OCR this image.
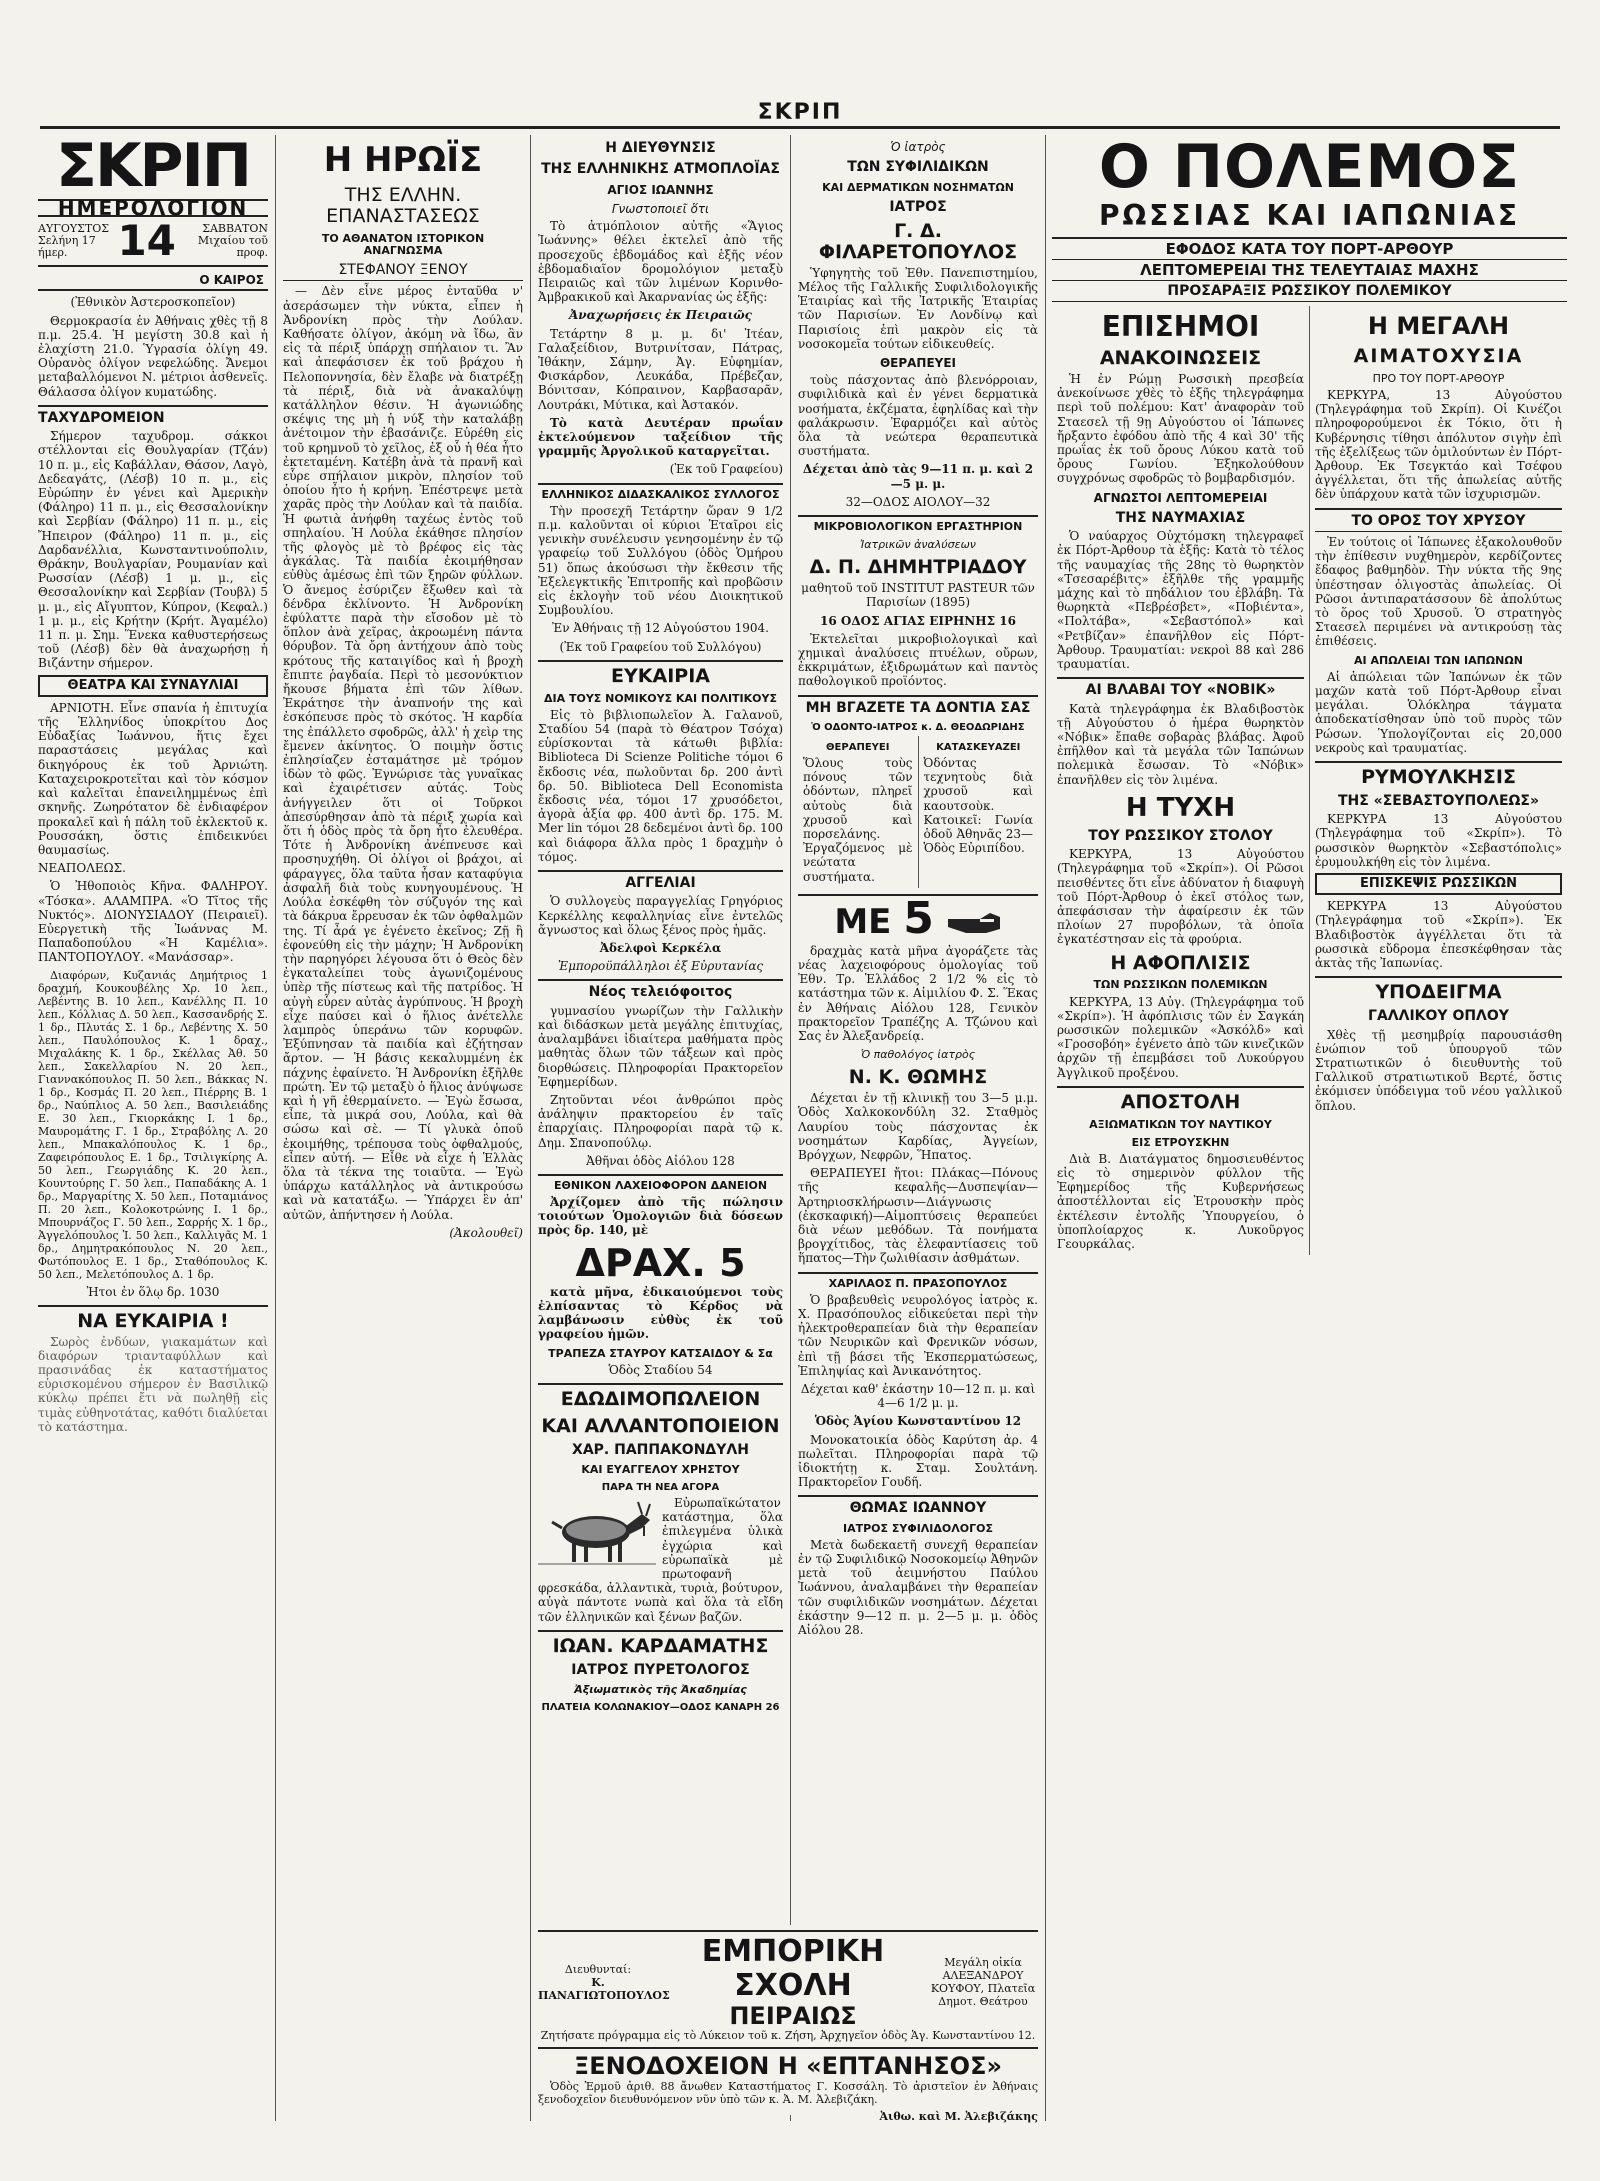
ΣΚΡΙΠ
ΣΚΡΙΠ
ΗΜΕΡΟΛΟΓΙΟΝ
ΑΥΓΟΥΣΤΟΣ
Σελήνη 17 ήμερ.	14	ΣΑΒΒΑΤΟΝ
Μιχαίου τοῦ προφ.
Ο ΚΑΙΡΟΣ

(Ἐθνικὸν Ἀστεροσκοπεῖον)

Θερμοκρασία ἐν Ἀθήναις χθὲς τῇ 8 π.μ. 25.4. Ἡ μεγίστη 30.8 καὶ ἡ ἐλαχίστη 21.0. Ὑγρασία ὀλίγη 49. Οὐρανὸς ὀλίγον νεφελώδης. Ἄνεμοι μεταβαλλόμενοι Ν. μέτριοι ἀσθενεῖς. Θάλασσα ὀλίγον κυματώδης.

ΤΑΧΥΔΡΟΜΕΙΟΝ

Σήμερον ταχυδρομ. σάκκοι στέλλονται εἰς Θουλγαρίαν (Τζάν) 10 π. μ., εἰς Καβάλλαν, Θάσον, Λαγὸ, Δεδεαγάτς, (Λέσβ) 10 π. μ., εἰς Εὐρώπην ἐν γένει καὶ Ἀμερικὴν (Φάληρο) 11 π. μ., εἰς Θεσσαλονίκην καὶ Σερβίαν (Φάληρο) 11 π. μ., εἰς Ἤπειρον (Φάληρο) 11 π. μ., εἰς Δαρδανέλλια, Κωνσταντινούπολιν, Θράκην, Βουλγαρίαν, Ρουμανίαν καὶ Ρωσσίαν (Λέσβ) 1 μ. μ., εἰς Θεσσαλονίκην καὶ Σερβίαν (Τουβλ) 5 μ. μ., εἰς Αἴγυπτον, Κύπρον, (Κεφαλ.) 1 μ. μ., εἰς Κρήτην (Κρήτ. Ἀγαμέλο) 11 π. μ. Σημ. Ἕνεκα καθυστερήσεως τοῦ (Λέσβ) δὲν θὰ ἀναχωρήσῃ ἡ Βιζάντην σήμερον.

ΘΕΑΤΡΑ ΚΑΙ ΣΥΝΑΥΛΙΑΙ

ΑΡΝΙΟΤΗ. Εἶνε σπανία ἡ ἐπιτυχία τῆς Ἑλληνίδος ὑποκρίτου Δος Εὐδαξίας Ἰωάννου, ἥτις ἔχει παραστάσεις μεγάλας καὶ δικηγόρους ἐκ τοῦ Ἀρνιώτη. Καταχειροκροτεῖται καὶ τὸν κόσμον καὶ καλεῖται ἐπανειλημμένως ἐπὶ σκηνῆς. Ζωηρότατον δὲ ἐνδιαφέρον προκαλεῖ καὶ ἡ πάλη τοῦ ἐκλεκτοῦ κ. Ρουσσάκη, ὅστις ἐπιδεικνύει θαυμασίως.

ΝΕΑΠΟΛΕΩΣ.

Ὁ Ἠθοποιὸς Κῆνα. ΦΑΛΗΡΟΥ. «Τόσκα». ΑΛΑΜΠΡΑ. «Ὁ Τῖτος τῆς Νυκτός». ΔΙΟΝΥΣΙΑΔΟΥ (Πειραιεῖ). Εὐεργετικὴ τῆς Ἰωάννας Μ. Παπαδοπούλου «Ἡ Καμέλια». ΠΑΝΤΟΠΟΥΛΟΥ. «Μανάσσαρ».

Διαφόρων, Κυζανιάς Δημήτριος 1 δραχμή, Κουκουβέλης Χρ. 10 λεπ., Λεβέντης Β. 10 λεπ., Κανέλλης Π. 10 λεπ., Κόλλιας Δ. 50 λεπ., Κασσανδρής Σ. 1 δρ., Πλυτάς Σ. 1 δρ., Λεβέντης Χ. 50 λεπ., Παυλόπουλος Κ. 1 δραχ., Μιχαλάκης Κ. 1 δρ., Σκέλλας Ἀθ. 50 λεπ., Σακελλαρίου Ν. 20 λεπ., Γιαννακόπουλος Π. 50 λεπ., Βάκκας Ν. 1 δρ., Κοσμάς Π. 20 λεπ., Πιέρρης Β. 1 δρ., Ναύπλιος Α. 50 λεπ., Βασιλειάδης Ε. 30 λεπ., Γκιορκάκης Ι. 1 δρ., Μαυρομάτης Γ. 1 δρ., Στραβόλης Λ. 20 λεπ., Μπακαλόπουλος Κ. 1 δρ., Ζαφειρόπουλος Ε. 1 δρ., Τσιλιγκίρης Α. 50 λεπ., Γεωργιάδης Κ. 20 λεπ., Κουντούρης Γ. 50 λεπ., Παπαδάκης Α. 1 δρ., Μαργαρίτης Χ. 50 λεπ., Ποταμιάνος Π. 20 λεπ., Κολοκοτρώνης Ι. 1 δρ., Μπουρνάζος Γ. 50 λεπ., Σαρρής Χ. 1 δρ., Ἀγγελόπουλος Ἰ. 50 λεπ., Καλλιγᾶς Μ. 1 δρ., Δημητρακόπουλος Ν. 20 λεπ., Φωτόπουλος Ε. 1 δρ., Σταθόπουλος Κ. 50 λεπ., Μελετόπουλος Δ. 1 δρ.

Ἠτοι ἐν ὅλῳ δρ. 1030

ΝΑ ΕΥΚΑΙΡΙΑ !

Σωρὸς ἐνδύων, γιακαμάτων καὶ διαφόρων τριανταφύλλων καὶ πρασινάδας ἐκ καταστήματος εὑρισκομένου σήμερον ἐν Βασιλικῷ κύκλῳ πρέπει ἔτι νὰ πωληθῇ εἰς τιμὰς εὐθηνοτάτας, καθότι διαλύεται τὸ κατάστημα.

Η ΗΡΩΪΣ
ΤΗΣ ΕΛΛΗΝ. ΕΠΑΝΑΣΤΑΣΕΩΣ
ΤΟ ΑΘΑΝΑΤΟΝ ΙΣΤΟΡΙΚΟΝ ΑΝΑΓΝΩΣΜΑ
ΣΤΕΦΑΝΟΥ ΞΕΝΟΥ

— Δὲν εἶνε μέρος ἐνταῦθα ν' ἀσεράσωμεν τὴν νύκτα, εἶπεν ἡ Ἀνδρονίκη πρὸς τὴν Λούλαν. Καθήσατε ὀλίγον, ἀκόμη νὰ ἴδω, ἂν εἰς τὰ πέριξ ὑπάρχῃ σπήλαιον τι. Ἂν καὶ ἀπεφάσισεν ἐκ τοῦ βράχου ἡ Πελοποννησία, δὲν ἔλαβε νὰ διατρέξῃ τὰ πέριξ, διὰ νὰ ἀνακαλύψῃ κατάλληλον θέσιν. Ἡ ἀγωνιώδης σκέψις της μὴ ἡ νύξ τὴν καταλάβῃ ἀνέτοιμον τὴν ἐβασάνιζε. Εὐρέθη εἰς τοῦ κρημνοῦ τὸ χεῖλος, ἐξ οὗ ἡ θέα ἦτο ἐκτεταμένη. Κατέβη ἀνὰ τὰ πρανῆ καὶ εὗρε σπήλαιον μικρὸν, πλησίον τοῦ ὁποίου ἦτο ἡ κρήνη. Ἐπέστρεψε μετὰ χαρᾶς πρὸς τὴν Λούλαν καὶ τὰ παιδία. Ἡ φωτιὰ ἀνήφθη ταχέως ἐντὸς τοῦ σπηλαίου. Ἡ Λούλα ἐκάθησε πλησίον τῆς φλογὸς μὲ τὸ βρέφος εἰς τὰς ἀγκάλας. Τὰ παιδία ἐκοιμήθησαν εὐθὺς ἀμέσως ἐπὶ τῶν ξηρῶν φύλλων. Ὁ ἄνεμος ἐσύριζεν ἔξωθεν καὶ τὰ δένδρα ἐκλίνοντο. Ἡ Ἀνδρονίκη ἐφύλαττε παρὰ τὴν εἴσοδον μὲ τὸ ὅπλον ἀνὰ χεῖρας, ἀκροωμένη πάντα θόρυβον. Τὰ ὄρη ἀντήχουν ἀπὸ τοὺς κρότους τῆς καταιγίδος καὶ ἡ βροχὴ ἔπιπτε ῥαγδαία. Περὶ τὸ μεσονύκτιον ἤκουσε βήματα ἐπὶ τῶν λίθων. Ἐκράτησε τὴν ἀναπνοήν της καὶ ἐσκόπευσε πρὸς τὸ σκότος. Ἡ καρδία της ἐπάλλετο σφοδρῶς, ἀλλ' ἡ χεὶρ της ἔμενεν ἀκίνητος. Ὁ ποιμὴν ὅστις ἐπλησίαζεν ἐσταμάτησε μὲ τρόμον ἰδὼν τὸ φῶς. Ἐγνώρισε τὰς γυναῖκας καὶ ἐχαιρέτισεν αὐτάς. Τοὺς ἀνήγγειλεν ὅτι οἱ Τοῦρκοι ἀπεσύρθησαν ἀπὸ τὰ πέριξ χωρία καὶ ὅτι ἡ ὁδὸς πρὸς τὰ ὄρη ἦτο ἐλευθέρα. Τότε ἡ Ἀνδρονίκη ἀνέπνευσε καὶ προσηυχήθη. Οἱ ὀλίγοι οἱ βράχοι, αἱ φάραγγες, ὅλα ταῦτα ἦσαν καταφύγια ἀσφαλῆ διὰ τοὺς κυνηγουμένους. Ἡ Λούλα ἐσκέφθη τὸν σύζυγόν της καὶ τὰ δάκρυα ἔρρευσαν ἐκ τῶν ὀφθαλμῶν της. Τί ἆρά γε ἐγένετο ἐκεῖνος; Ζῇ ἢ ἐφονεύθη εἰς τὴν μάχην; Ἡ Ἀνδρονίκη τὴν παρηγόρει λέγουσα ὅτι ὁ Θεὸς δὲν ἐγκαταλείπει τοὺς ἀγωνιζομένους ὑπὲρ τῆς πίστεως καὶ τῆς πατρίδος. Ἡ αὐγὴ εὗρεν αὐτὰς ἀγρύπνους. Ἡ βροχὴ εἶχε παύσει καὶ ὁ ἥλιος ἀνέτελλε λαμπρὸς ὑπεράνω τῶν κορυφῶν. Ἐξύπνησαν τὰ παιδία καὶ ἐζήτησαν ἄρτον. — Ἡ βάσις κεκαλυμμένη ἐκ πάχνης ἐφαίνετο. Ἡ Ἀνδρονίκη ἐξῆλθε πρώτη. Ἐν τῷ μεταξὺ ὁ ἥλιος ἀνύψωσε καὶ ἡ γῆ ἐθερμαίνετο. — Ἐγὼ ἔσωσα, εἶπε, τὰ μικρά σου, Λούλα, καὶ θὰ σώσω καὶ σὲ. — Τί γλυκὰ ὁποῦ ἐκοιμήθης, τρέπουσα τοὺς ὀφθαλμούς, εἶπεν αὐτή. — Εἶθε νὰ εἶχε ἡ Ἑλλὰς ὅλα τὰ τέκνα της τοιαῦτα. — Ἐγὼ ὑπάρχω κατάλληλος νὰ ἀντικρούσω καὶ νὰ κατατάξω. — Ὑπάρχει ἓν ἀπ' αὐτῶν, ἀπήντησεν ἡ Λούλα.

(Ἀκολουθεῖ)
Η ΔΙΕΥΘΥΝΣΙΣ
ΤΗΣ ΕΛΛΗΝΙΚΗΣ ΑΤΜΟΠΛΟΪΑΣ
ΑΓΙΟΣ ΙΩΑΝΝΗΣ
Γνωστοποιεῖ ὅτι

Τὸ ἀτμόπλοιον αὐτῆς «Ἅγιος Ἰωάννης» θέλει ἐκτελεῖ ἀπὸ τῆς προσεχοῦς ἑβδομάδος καὶ ἑξῆς νέον ἑβδομαδιαῖον δρομολόγιον μεταξὺ Πειραιῶς καὶ τῶν λιμένων Κορινθο-Ἀμβρακικοῦ καὶ Ἀκαρνανίας ὡς ἑξῆς:

Ἀναχωρήσεις ἐκ Πειραιῶς

Τετάρτην 8 μ. μ. δι' Ἰτέαν, Γαλαξείδιον, Βυτρινίτσαν, Πάτρας, Ἰθάκην, Σάμην, Ἀγ. Εὐφημίαν, Φισκάρδον, Λευκάδα, Πρέβεζαν, Βόνιτσαν, Κόπραινον, Καρβασαρᾶν, Λουτράκι, Μύτικα, καὶ Ἀστακόν.

Τὸ κατὰ Δευτέραν πρωΐαν ἐκτελούμενον ταξείδιον τῆς γραμμῆς Ἀργολικοῦ καταργεῖται.

(Ἐκ τοῦ Γραφείου)

ΕΛΛΗΝΙΚΟΣ ΔΙΔΑΣΚΑΛΙΚΟΣ ΣΥΛΛΟΓΟΣ

Τὴν προσεχῆ Τετάρτην ὥραν 9 1/2 π.μ. καλοῦνται οἱ κύριοι Ἑταῖροι εἰς γενικὴν συνέλευσιν γενησομένην ἐν τῷ γραφείῳ τοῦ Συλλόγου (ὁδὸς Ὁμήρου 51) ὅπως ἀκούσωσι τὴν ἔκθεσιν τῆς Ἐξελεγκτικῆς Ἐπιτροπῆς καὶ προβῶσιν εἰς ἐκλογὴν τοῦ νέου Διοικητικοῦ Συμβουλίου.

Ἐν Ἀθήναις τῇ 12 Αὐγούστου 1904.

(Ἐκ τοῦ Γραφείου τοῦ Συλλόγου)

ΕΥΚΑΙΡΙΑ
ΔΙΑ ΤΟΥΣ ΝΟΜΙΚΟΥΣ ΚΑΙ ΠΟΛΙΤΙΚΟΥΣ

Εἰς τὸ βιβλιοπωλεῖον Ἀ. Γαλανοῦ, Σταδίου 54 (παρὰ τὸ Θέατρον Τσόχα) εὑρίσκονται τὰ κάτωθι βιβλία: Biblioteca Di Scienze Politiche τόμοι 6 ἔκδοσις νέα, πωλοῦνται δρ. 200 ἀντὶ δρ. 50. Biblioteca Dell Economista ἔκδοσις νέα, τόμοι 17 χρυσόδετοι, ἀγορὰ ἀξία φρ. 400 ἀντὶ δρ. 175. Μ. Mer lin τόμοι 28 δεδεμένοι ἀντὶ δρ. 100 καὶ διάφορα ἄλλα πρὸς 1 δραχμὴν ὁ τόμος.

ΑΓΓΕΛΙΑΙ

Ὁ συλλογεὺς παραγγελίας Γρηγόριος Κερκέλλης κεφαλληνίας εἶνε ἐντελῶς ἄγνωστος καὶ ὅλως ξένος πρὸς ἡμᾶς.

Ἀδελφοὶ Κερκέλα

Ἐμποροϋπάλληλοι ἐξ Εὐρυτανίας

Νέος τελειόφοιτος

γυμνασίου γνωρίζων τὴν Γαλλικὴν καὶ διδάσκων μετὰ μεγάλης ἐπιτυχίας, ἀναλαμβάνει ἰδιαίτερα μαθήματα πρὸς μαθητὰς ὅλων τῶν τάξεων καὶ πρὸς διορθώσεις. Πληροφορίαι Πρακτορεῖον Ἐφημερίδων.

Ζητοῦνται νέοι ἀνθρώποι πρὸς ἀνάληψιν πρακτορείου ἐν ταῖς ἐπαρχίαις. Πληροφορίαι παρὰ τῷ κ. Δημ. Σπανοπούλῳ.

Ἀθῆναι ὁδὸς Αἰόλου 128

ΕΘΝΙΚΟΝ ΛΑΧΕΙΟΦΟΡΟΝ ΔΑΝΕΙΟΝ

Ἀρχίζομεν ἀπὸ τῆς πώλησιν τοιούτων Ὁμολογιῶν διὰ δόσεων πρὸς δρ. 140, μὲ

ΔΡΑΧ. 5

κατὰ μῆνα, ἐδικαιούμενοι τοὺς ἐλπίσαντας τὸ Κέρδος νὰ λαμβάνωσιν εὐθὺς ἐκ τοῦ γραφείου ἡμῶν.

ΤΡΑΠΕΖΑ ΣΤΑΥΡΟΥ ΚΑΤΣΑΙΔΟΥ & Σα

Ὁδὸς Σταδίου 54

ΕΔΩΔΙΜΟΠΩΛΕΙΟΝ
ΚΑΙ ΑΛΛΑΝΤΟΠΟΙΕΙΟΝ
ΧΑΡ. ΠΑΠΠΑΚΟΝΔΥΛΗ
ΚΑΙ ΕΥΑΓΓΕΛΟΥ ΧΡΗΣΤΟΥ
ΠΑΡΑ ΤΗ ΝΕΑ ΑΓΟΡΑ

Εὐρωπαϊκώτατον κατάστημα, ὅλα ἐπιλεγμένα ὑλικὰ ἐγχώρια καὶ εὐρωπαϊκὰ μὲ πρωτοφανῆ φρεσκάδα, ἀλλαντικὰ, τυριὰ, βούτυρον, αὐγὰ πάντοτε νωπὰ καὶ ὅλα τὰ εἴδη τῶν ἑλληνικῶν καὶ ξένων βαζῶν.

ΙΩΑΝ. ΚΑΡΔΑΜΑΤΗΣ
ΙΑΤΡΟΣ ΠΥΡΕΤΟΛΟΓΟΣ
Ἀξιωματικὸς τῆς Ἀκαδημίας
ΠΛΑΤΕΙΑ ΚΟΛΩΝΑΚΙΟΥ—ΟΔΟΣ ΚΑΝΑΡΗ 26
Ὁ ἰατρὸς
ΤΩΝ ΣΥΦΙΛΙΔΙΚΩΝ
ΚΑΙ ΔΕΡΜΑΤΙΚΩΝ ΝΟΣΗΜΑΤΩΝ
ΙΑΤΡΟΣ
Γ. Δ. ΦΙΛΑΡΕΤΟΠΟΥΛΟΣ

Ὑφηγητὴς τοῦ Ἐθν. Πανεπιστημίου, Μέλος τῆς Γαλλικῆς Συφιλιδολογικῆς Ἑταιρίας καὶ τῆς Ἰατρικῆς Ἑταιρίας τῶν Παρισίων. Ἐν Λονδίνῳ καὶ Παρισίοις ἐπὶ μακρὸν εἰς τὰ νοσοκομεῖα τούτων εἰδικευθείς.

ΘΕΡΑΠΕΥΕΙ

τοὺς πάσχοντας ἀπὸ βλενόρροιαν, συφιλιδικὰ καὶ ἐν γένει δερματικὰ νοσήματα, ἐκζέματα, ἐφηλίδας καὶ τὴν φαλάκρωσιν. Ἐφαρμόζει καὶ αὐτὸς ὅλα τὰ νεώτερα θεραπευτικὰ συστήματα.

Δέχεται ἀπὸ τὰς 9—11 π. μ. καὶ 2—5 μ. μ.

32—ΟΔΟΣ ΑΙΟΛΟΥ—32

ΜΙΚΡΟΒΙΟΛΟΓΙΚΟΝ ΕΡΓΑΣΤΗΡΙΟΝ
Ἰατρικῶν ἀναλύσεων
Δ. Π. ΔΗΜΗΤΡΙΑΔΟΥ

μαθητοῦ τοῦ INSTITUT PASTEUR τῶν Παρισίων (1895)

16 ΟΔΟΣ ΑΓΙΑΣ ΕΙΡΗΝΗΣ 16

Ἐκτελεῖται μικροβιολογικαὶ καὶ χημικαὶ ἀναλύσεις πτυέλων, οὔρων, ἐκκριμάτων, ἐξιδρωμάτων καὶ παντὸς παθολογικοῦ προϊόντος.

ΜΗ ΒΓΑΖΕΤΕ ΤΑ ΔΟΝΤΙΑ ΣΑΣ
Ὁ ΟΔΟΝΤΟ-ΙΑΤΡΟΣ κ. Δ. ΘΕΟΔΩΡΙΔΗΣ
ΘΕΡΑΠΕΥΕΙ

Ὅλους τοὺς πόνους τῶν ὀδόντων, πληρεῖ αὐτοὺς διὰ χρυσοῦ καὶ πορσελάνης. Ἐργαζόμενος μὲ νεώτατα συστήματα.

ΚΑΤΑΣΚΕΥΑΖΕΙ

Ὀδόντας τεχνητοὺς διὰ χρυσοῦ καὶ καουτσοὺκ. Κατοικεῖ: Γωνία ὁδοῦ Ἀθηνᾶς 23—Ὁδὸς Εὐριπίδου.

ΜΕ 5

δραχμὰς κατὰ μῆνα ἀγοράζετε τὰς νέας λαχειοφόρους ὁμολογίας τοῦ Ἐθν. Τρ. Ἑλλάδος 2 1/2 % εἰς τὸ κατάστημα τῶν κ. Αἰμιλίου Φ. Σ. Ἕκας ἐν Ἀθήναις Αἰόλου 128, Γενικὸν πρακτορεῖον Τραπέζης Α. Τζώνου καὶ Σας ἐν Ἀλεξανδρείᾳ.

Ὁ παθολόγος ἰατρὸς
Ν. Κ. ΘΩΜΗΣ

Δέχεται ἐν τῇ κλινικῇ του 3—5 μ.μ. Ὁδὸς Χαλκοκονδύλη 32. Σταθμὸς Λαυρίου τοὺς πάσχοντας ἐκ νοσημάτων Καρδίας, Ἀγγείων, Βρόγχων, Νεφρῶν, Ἥπατος.

ΘΕΡΑΠΕΥΕΙ ἤτοι: Πλάκας—Πόνους τῆς κεφαλῆς—Δυσπεψίαν—Ἀρτηριοσκλήρωσιν—Διάγνωσις (ἐκσκαφική)—Αἱμοπτύσεις θεραπεύει διὰ νέων μεθόδων. Τὰ πονήματα βρογχίτιδος, τὰς ἐλεφαντίασεις τοῦ ἥπατος—Τὴν ζωλιθίασιν ἀσθμάτων.

ΧΑΡΙΛΑΟΣ Π. ΠΡΑΣΟΠΟΥΛΟΣ

Ὁ βραβευθεὶς νευρολόγος ἰατρὸς κ. Χ. Πρασόπουλος εἰδικεύεται περὶ τὴν ἠλεκτροθεραπείαν διὰ τὴν θεραπείαν τῶν Νευρικῶν καὶ Φρενικῶν νόσων, ἐπὶ τῇ βάσει τῆς Ἐκσπερματώσεως, Ἐπιληψίας καὶ Ἀνικανότητος.

Δέχεται καθ' ἑκάστην 10—12 π. μ. καὶ 4—6 1/2 μ. μ.

Ὁδὸς Ἁγίου Κωνσταντίνου 12

Μονοκατοικία ὁδὸς Καρύτση ἀρ. 4 πωλεῖται. Πληροφορίαι παρὰ τῷ ἰδιοκτήτῃ κ. Σταμ. Σουλτάνη. Πρακτορεῖον Γουδῆ.

ΘΩΜΑΣ ΙΩΑΝΝΟΥ
ΙΑΤΡΟΣ ΣΥΦΙΛΙΔΟΛΟΓΟΣ

Μετὰ δωδεκαετῆ συνεχῆ θεραπείαν ἐν τῷ Συφιλιδικῷ Νοσοκομείῳ Ἀθηνῶν μετὰ τοῦ ἀειμνήστου Παύλου Ἰωάννου, ἀναλαμβάνει τὴν θεραπείαν τῶν συφιλιδικῶν νοσημάτων. Δέχεται ἑκάστην 9—12 π. μ. 2—5 μ. μ. ὁδὸς Αἰόλου 28.

Ο ΠΟΛΕΜΟΣ
ΡΩΣΣΙΑΣ ΚΑΙ ΙΑΠΩΝΙΑΣ
ΕΦΟΔΟΣ ΚΑΤΑ ΤΟΥ ΠΟΡΤ-ΑΡΘΟΥΡ
ΛΕΠΤΟΜΕΡΕΙΑΙ ΤΗΣ ΤΕΛΕΥΤΑΙΑΣ ΜΑΧΗΣ
ΠΡΟΣΑΡΑΞΙΣ ΡΩΣΣΙΚΟΥ ΠΟΛΕΜΙΚΟΥ
ΕΠΙΣΗΜΟΙ
ΑΝΑΚΟΙΝΩΣΕΙΣ

Ἡ ἐν Ρώμῃ Ρωσσικὴ πρεσβεία ἀνεκοίνωσε χθὲς τὸ ἑξῆς τηλεγράφημα περὶ τοῦ πολέμου: Κατ' ἀναφορὰν τοῦ Σταεσελ τῇ 9ῃ Αὐγούστου οἱ Ἰάπωνες ἤρξαντο ἐφόδου ἀπὸ τῆς 4 καὶ 30' τῆς πρωΐας ἐκ τοῦ ὄρους Λύκου κατὰ τοῦ ὄρους Γωνίου. Ἐξηκολούθουν συγχρόνως σφοδρῶς τὸ βομβαρδισμόν.

ΑΓΝΩΣΤΟΙ ΛΕΠΤΟΜΕΡΕΙΑΙ
ΤΗΣ ΝΑΥΜΑΧΙΑΣ

Ὁ ναύαρχος Οὐχτόμσκη τηλεγραφεῖ ἐκ Πόρτ-Ἀρθουρ τὰ ἑξῆς: Κατὰ τὸ τέλος τῆς ναυμαχίας τῆς 28ης τὸ θωρηκτὸν «Τσεσαρέβιτς» ἐξῆλθε τῆς γραμμῆς μάχης καὶ τὸ πηδάλιον του ἐβλάβη. Τὰ θωρηκτὰ «Πεβρέσβετ», «Ποβιέντα», «Πολτάβα», «Σεβαστόπολ» καὶ «Ρετβίζαν» ἐπανῆλθον εἰς Πόρτ-Ἀρθουρ. Τραυματίαι: νεκροὶ 88 καὶ 286 τραυματίαι.

ΑΙ ΒΛΑΒΑΙ ΤΟΥ «ΝΟΒΙΚ»

Κατὰ τηλεγράφημα ἐκ Βλαδιβοστὸκ τῇ Αὐγούστου ὁ ἡμέρα θωρηκτὸν «Νόβικ» ἔπαθε σοβαρὰς βλάβας. Ἀφοῦ ἐπῆλθον καὶ τὰ μεγάλα τῶν Ἰαπώνων πολεμικὰ ἔσωσαν. Τὸ «Νόβικ» ἐπανῆλθεν εἰς τὸν λιμένα.

Η ΤΥΧΗ
ΤΟΥ ΡΩΣΣΙΚΟΥ ΣΤΟΛΟΥ

ΚΕΡΚΥΡΑ, 13 Αὐγούστου (Τηλεγράφημα τοῦ «Σκρίπ»). Οἱ Ρῶσοι πεισθέντες ὅτι εἶνε ἀδύνατον ἡ διαφυγὴ τοῦ Πόρτ-Ἀρθουρ ὁ ἐκεῖ στόλος των, ἀπεφάσισαν τὴν ἀφαίρεσιν ἐκ τῶν πλοίων 27 πυροβόλων, τὰ ὁποῖα ἐγκατέστησαν εἰς τὰ φρούρια.

Η ΑΦΟΠΛΙΣΙΣ
ΤΩΝ ΡΩΣΣΙΚΩΝ ΠΟΛΕΜΙΚΩΝ

ΚΕΡΚΥΡΑ, 13 Αὐγ. (Τηλεγράφημα τοῦ «Σκρίπ»). Ἡ ἀφόπλισις τῶν ἐν Σαγκάη ρωσσικῶν πολεμικῶν «Ἀσκόλδ» καὶ «Γροσοβόη» ἐγένετο ἀπὸ τῶν κινεζικῶν ἀρχῶν τῇ ἐπεμβάσει τοῦ Λυκούργου Ἀγγλικοῦ προξένου.

ΑΠΟΣΤΟΛΗ
ΑΞΙΩΜΑΤΙΚΩΝ ΤΟΥ ΝΑΥΤΙΚΟΥ
ΕΙΣ ΕΤΡΟΥΣΚΗΝ

Διὰ Β. Διατάγματος δημοσιευθέντος εἰς τὸ σημερινὸν φύλλον τῆς Ἐφημερίδος τῆς Κυβερνήσεως ἀποστέλλονται εἰς Ἐτρουσκὴν πρὸς ἐκτέλεσιν ἐντολῆς Ὑπουργείου, ὁ ὑποπλοίαρχος κ. Λυκοῦργος Γεουρκάλας.

Η ΜΕΓΑΛΗ
ΑΙΜΑΤΟΧΥΣΙΑ
ΠΡΟ ΤΟΥ ΠΟΡΤ-ΑΡΘΟΥΡ

ΚΕΡΚΥΡΑ, 13 Αὐγούστου (Τηλεγράφημα τοῦ Σκρίπ). Οἱ Κινέζοι πληροφορούμενοι ἐκ Τόκιο, ὅτι ἡ Κυβέρνησις τίθησι ἀπόλυτον σιγὴν ἐπὶ τῆς ἐξελίξεως τῶν ὁμιλούντων ἐν Πόρτ-Ἀρθουρ. Ἐκ Τσεγκτάο καὶ Τσέφου ἀγγέλλεται, ὅτι τῆς ἀπωλείας αὐτῆς δὲν ὑπάρχουν κατὰ τῶν ἰσχυρισμῶν.

ΤΟ ΟΡΟΣ ΤΟΥ ΧΡΥΣΟΥ

Ἐν τούτοις οἱ Ἰάπωνες ἐξακολουθοῦν τὴν ἐπίθεσιν νυχθημερὸν, κερδίζοντες ἔδαφος βαθμηδὸν. Τὴν νύκτα τῆς 9ης ὑπέστησαν ὀλιγοστὰς ἀπωλείας. Οἱ Ρῶσοι ἀντιπαρατάσσουν δὲ ἀπολύτως τὸ ὅρος τοῦ Χρυσοῦ. Ὁ στρατηγὸς Σταεσελ περιμένει νὰ αντικρούσῃ τὰς ἐπιθέσεις.

ΑΙ ΑΠΩΛΕΙΑΙ ΤΩΝ ΙΑΠΩΝΩΝ

Αἱ ἀπώλειαι τῶν Ἰαπώνων ἐκ τῶν μαχῶν κατὰ τοῦ Πόρτ-Ἀρθουρ εἶναι μεγάλαι. Ὁλόκληρα τάγματα ἀποδεκατίσθησαν ὑπὸ τοῦ πυρὸς τῶν Ρώσων. Ὑπολογίζονται εἰς 20,000 νεκροὺς καὶ τραυματίας.

ΡΥΜΟΥΛΚΗΣΙΣ
ΤΗΣ «ΣΕΒΑΣΤΟΥΠΟΛΕΩΣ»

ΚΕΡΚΥΡΑ 13 Αὐγούστου (Τηλεγράφημα τοῦ «Σκρίπ»). Τὸ ρωσσικὸν θωρηκτὸν «Σεβαστόπολις» ἐρυμουλκήθη εἰς τὸν λιμένα.

ΕΠΙΣΚΕΨΙΣ ΡΩΣΣΙΚΩΝ

ΚΕΡΚΥΡΑ 13 Αὐγούστου (Τηλεγράφημα τοῦ «Σκρίπ»). Ἐκ Βλαδιβοστὸκ ἀγγέλλεται ὅτι τὰ ρωσσικὰ εὔδρομα ἐπεσκέφθησαν τὰς ἀκτὰς τῆς Ἰαπωνίας.

ΥΠΟΔΕΙΓΜΑ
ΓΑΛΛΙΚΟΥ ΟΠΛΟΥ

Χθὲς τῇ μεσημβρίᾳ παρουσιάσθη ἐνώπιον τοῦ ὑπουργοῦ τῶν Στρατιωτικῶν ὁ διευθυντὴς τοῦ Γαλλικοῦ στρατιωτικοῦ Βερτέ, ὅστις ἐκόμισεν ὑπόδειγμα τοῦ νέου γαλλικοῦ ὅπλου.

Διευθυνταί:
Κ. ΠΑΝΑΓΙΩΤΟΠΟΥΛΟΣ
ΕΜΠΟΡΙΚΗ ΣΧΟΛΗ
ΠΕΙΡΑΙΩΣ
Μεγάλη οἰκία ΑΛΕΞΑΝΔΡΟΥ ΚΟΥΦΟΥ, Πλατεῖα Δημοτ. Θεάτρου

Ζητήσατε πρόγραμμα εἰς τὸ Λύκειον τοῦ κ. Ζήση, Ἀρχηγεῖον ὁδὸς Ἁγ. Κωνσταντίνου 12.

ΞΕΝΟΔΟΧΕΙΟΝ Η «ΕΠΤΑΝΗΣΟΣ»

Ὁδὸς Ἑρμοῦ ἀριθ. 88 ἄνωθεν Καταστήματος Γ. Κοσσάλη. Τὸ ἀριστεῖον ἐν Ἀθήναις ξενοδοχεῖον διευθυνόμενον νῦν ὑπὸ τῶν κ. Ἀ. Μ. Ἀλεβιζάκη.

Ἀιθω. καὶ Μ. Ἀλεβιζάκης
